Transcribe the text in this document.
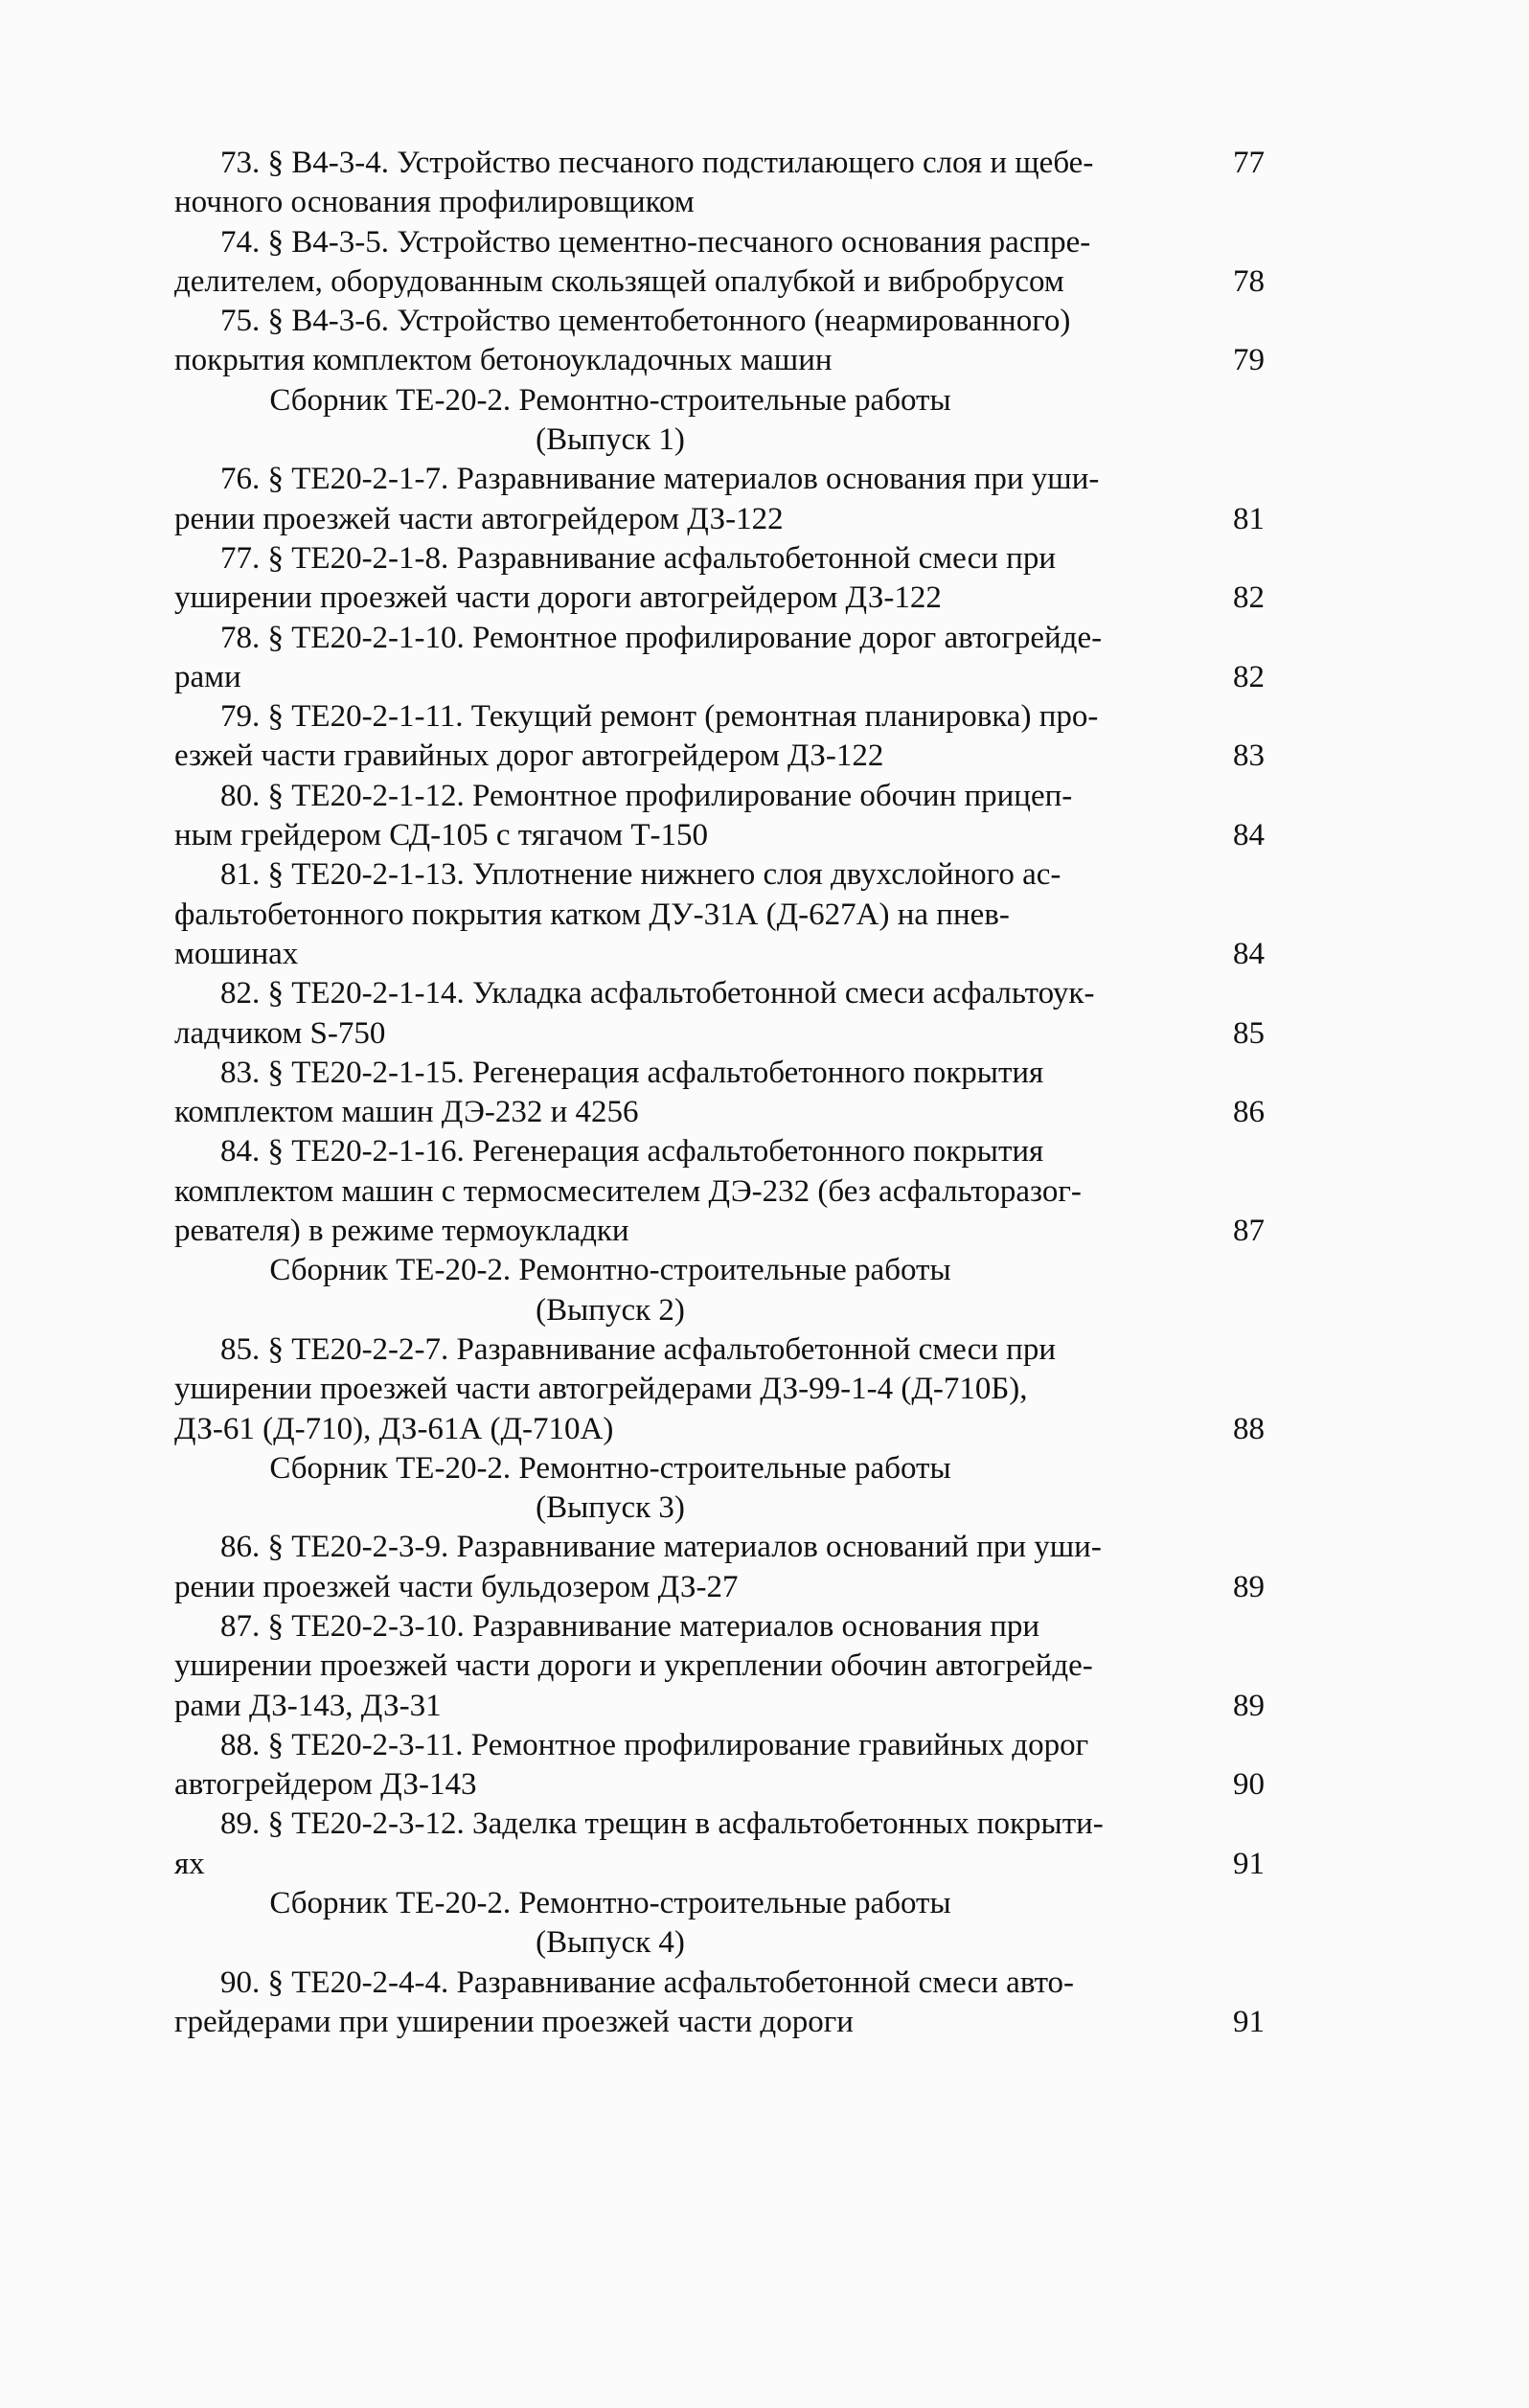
73. § В4-3-4. Устройство песчаного подстилающего слоя и щебе-	77
ночного основания профилировщиком
74. § В4-3-5. Устройство цементно-песчаного основания распре-
делителем, оборудованным скользящей опалубкой и вибробрусом	78
75. § В4-3-6. Устройство цементобетонного (неармированного)
покрытия комплектом бетоноукладочных машин	79
Сборник ТЕ-20-2. Ремонтно-строительные работы
(Выпуск 1)
76. § ТЕ20-2-1-7. Разравнивание материалов основания при уши-
рении проезжей части автогрейдером ДЗ-122	81
77. § ТЕ20-2-1-8. Разравнивание асфальтобетонной смеси при
уширении проезжей части дороги автогрейдером ДЗ-122	82
78. § ТЕ20-2-1-10. Ремонтное профилирование дорог автогрейде-
рами	82
79. § ТЕ20-2-1-11. Текущий ремонт (ремонтная планировка) про-
езжей части гравийных дорог автогрейдером ДЗ-122	83
80. § ТЕ20-2-1-12. Ремонтное профилирование обочин прицеп-
ным грейдером СД-105 с тягачом Т-150	84
81. § ТЕ20-2-1-13. Уплотнение нижнего слоя двухслойного ас-
фальтобетонного покрытия катком ДУ-31А (Д-627А) на пнев-
мошинах	84
82. § ТЕ20-2-1-14. Укладка асфальтобетонной смеси асфальтоук-
ладчиком S-750	85
83. § ТЕ20-2-1-15. Регенерация асфальтобетонного покрытия
комплектом машин ДЭ-232 и 4256	86
84. § ТЕ20-2-1-16. Регенерация асфальтобетонного покрытия
комплектом машин с термосмесителем ДЭ-232 (без асфальторазог-
ревателя) в режиме термоукладки	87
Сборник ТЕ-20-2. Ремонтно-строительные работы
(Выпуск 2)
85. § ТЕ20-2-2-7. Разравнивание асфальтобетонной смеси при
уширении проезжей части автогрейдерами ДЗ-99-1-4 (Д-710Б),
ДЗ-61 (Д-710), ДЗ-61А (Д-710А)	88
Сборник ТЕ-20-2. Ремонтно-строительные работы
(Выпуск 3)
86. § ТЕ20-2-3-9. Разравнивание материалов оснований при уши-
рении проезжей части бульдозером ДЗ-27	89
87. § ТЕ20-2-3-10. Разравнивание материалов основания при
уширении проезжей части дороги и укреплении обочин автогрейде-
рами ДЗ-143, ДЗ-31	89
88. § ТЕ20-2-3-11. Ремонтное профилирование гравийных дорог
автогрейдером ДЗ-143	90
89. § ТЕ20-2-3-12. Заделка трещин в асфальтобетонных покрыти-
ях	91
Сборник ТЕ-20-2. Ремонтно-строительные работы
(Выпуск 4)
90. § ТЕ20-2-4-4. Разравнивание асфальтобетонной смеси авто-
грейдерами при уширении проезжей части дороги	91
